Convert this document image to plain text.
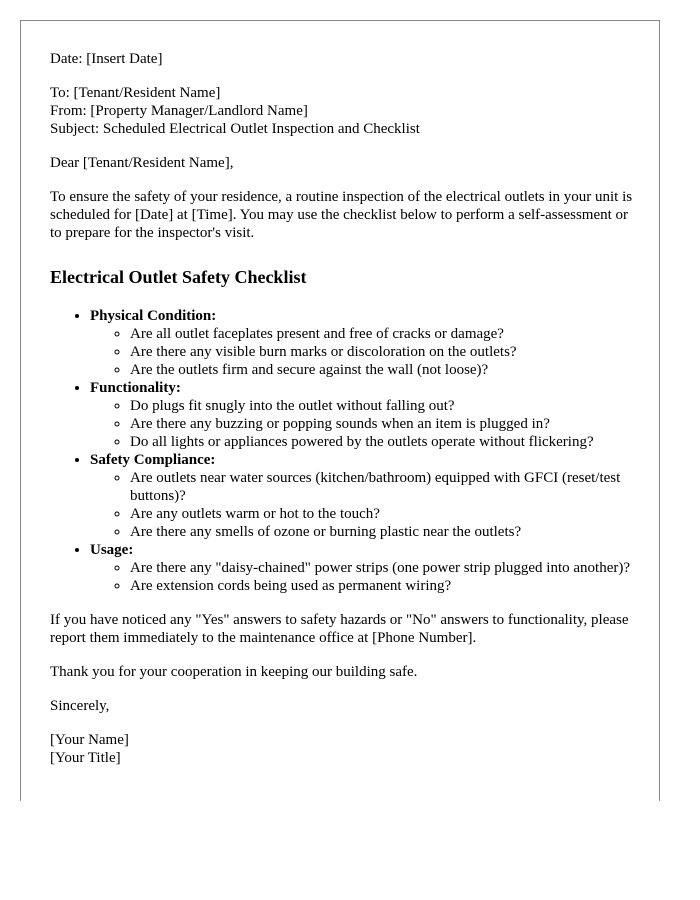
Date: [Insert Date]

To: [Tenant/Resident Name]

From: [Property Manager/Landlord Name]

Subject: Scheduled Electrical Outlet Inspection and Checklist

Dear [Tenant/Resident Name],

To ensure the safety of your residence, a routine inspection of the electrical outlets in your unit is scheduled for [Date] at [Time]. You may use the checklist below to perform a self-assessment or to prepare for the inspector's visit.

Electrical Outlet Safety Checklist
• Physical Condition:
◦ Are all outlet faceplates present and free of cracks or damage?
◦ Are there any visible burn marks or discoloration on the outlets?
◦ Are the outlets firm and secure against the wall (not loose)?
• Functionality:
◦ Do plugs fit snugly into the outlet without falling out?
◦ Are there any buzzing or popping sounds when an item is plugged in?
◦ Do all lights or appliances powered by the outlets operate without flickering?
• Safety Compliance:
◦ Are outlets near water sources (kitchen/bathroom) equipped with GFCI (reset/test buttons)?
◦ Are any outlets warm or hot to the touch?
◦ Are there any smells of ozone or burning plastic near the outlets?
• Usage:
◦ Are there any "daisy-chained" power strips (one power strip plugged into another)?
◦ Are extension cords being used as permanent wiring?

If you have noticed any "Yes" answers to safety hazards or "No" answers to functionality, please report them immediately to the maintenance office at [Phone Number].

Thank you for your cooperation in keeping our building safe.

Sincerely,

[Your Name]

[Your Title]
